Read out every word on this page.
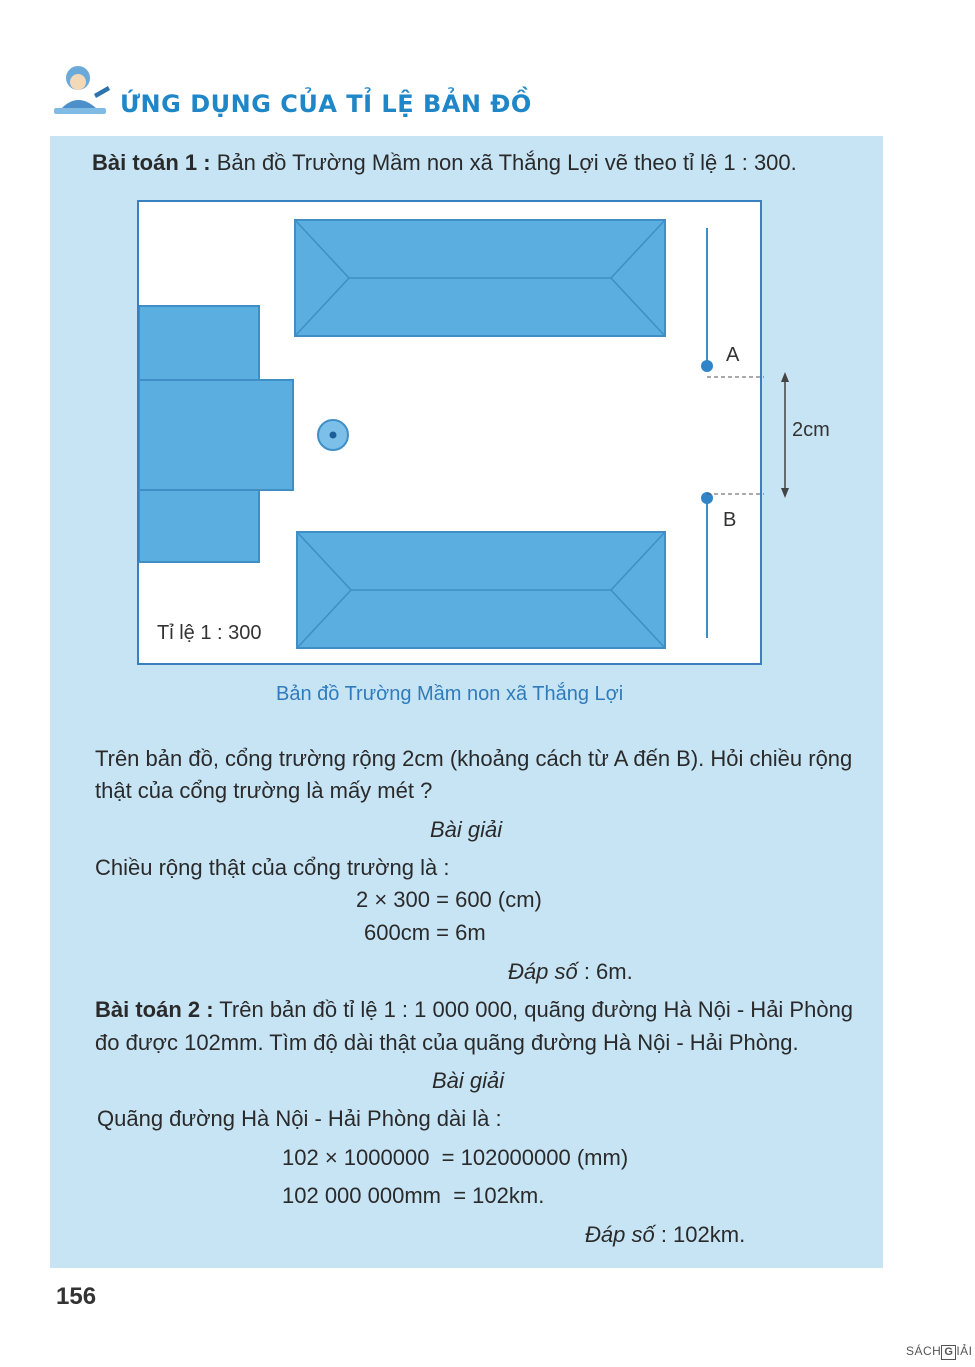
ỨNG DỤNG CỦA TỈ LỆ BẢN ĐỒ
Bài toán 1 : Bản đồ Trường Mầm non xã Thắng Lợi vẽ theo tỉ lệ 1 : 300.
Tỉ lệ 1 : 300
A
B
2cm
Bản đồ Trường Mầm non xã Thắng Lợi
Trên bản đồ, cổng trường rộng 2cm (khoảng cách từ A đến B). Hỏi chiều rộng
thật của cổng trường là mấy mét ?
Bài giải
Chiều rộng thật của cổng trường là :
2 × 300 = 600 (cm)
600cm = 6m
Đáp số : 6m.
Bài toán 2 : Trên bản đồ tỉ lệ 1 : 1 000 000, quãng đường Hà Nội - Hải Phòng
đo được 102mm. Tìm độ dài thật của quãng đường Hà Nội - Hải Phòng.
Bài giải
Quãng đường Hà Nội - Hải Phòng dài là :
102 × 1000000  = 102000000 (mm)
102 000 000mm  = 102km.
Đáp số : 102km.
156
SÁCH G IẢI
